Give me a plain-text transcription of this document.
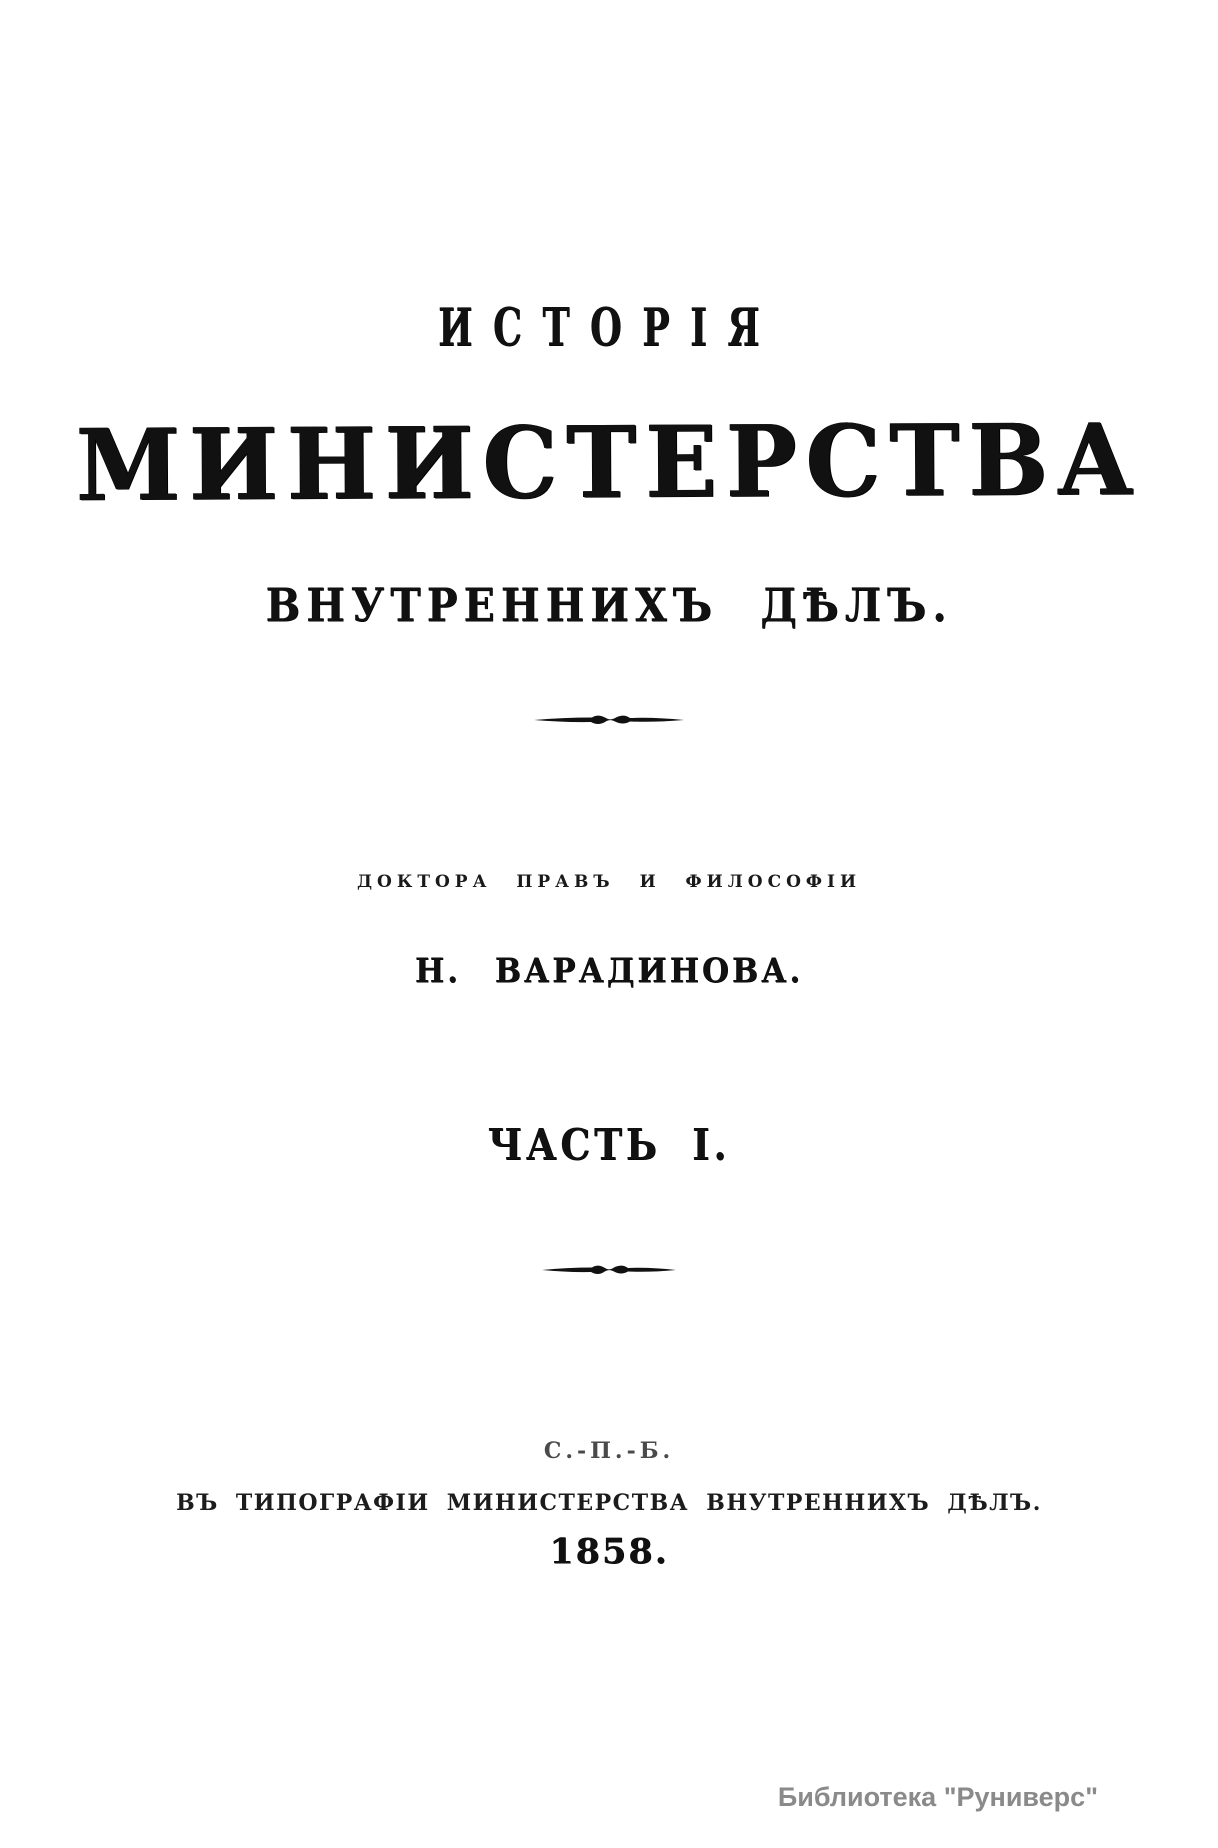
ИСТОРІЯ
МИНИСТЕРСТВА
ВНУТРЕННИХЪ ДѢЛЪ.
ДОКТОРА ПРАВЪ И ФИЛОСОФІИ
Н. ВАРАДИНОВА.
ЧАСТЬ I.
С.-П.-Б.
ВЪ ТИПОГРАФІИ МИНИСТЕРСТВА ВНУТРЕННИХЪ ДѢЛЪ.
1858.
Библиотека "Руниверс"
